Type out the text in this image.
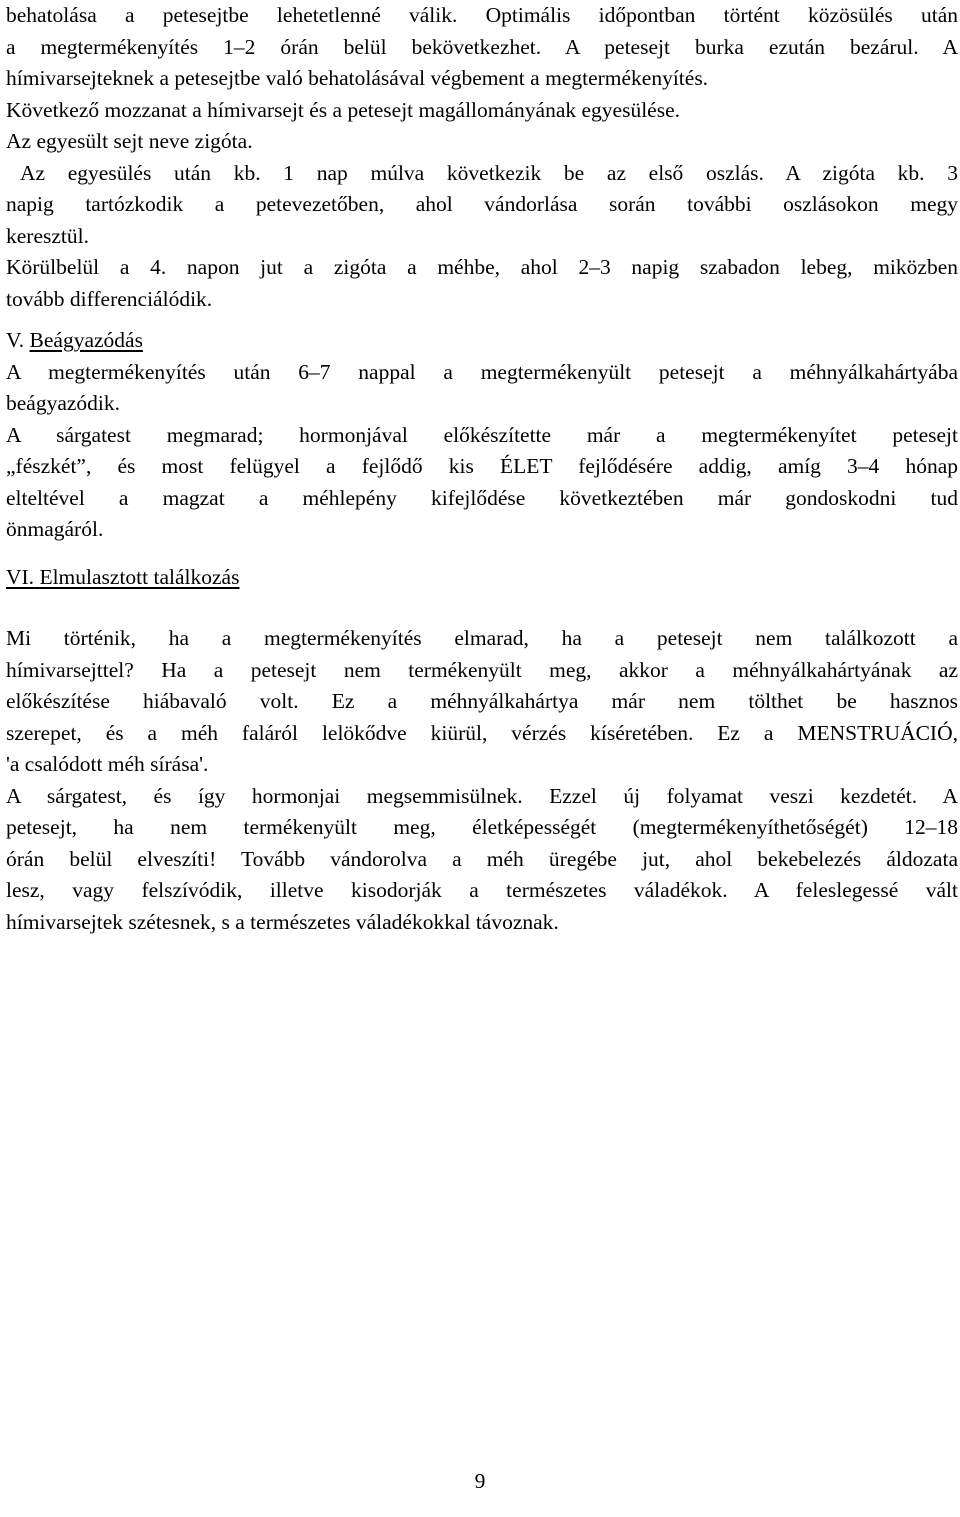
behatolása a petesejtbe lehetetlenné válik. Optimális időpontban történt közösülés után

a megtermékenyítés 1–2 órán belül bekövetkezhet. A petesejt burka ezután bezárul. A

hímivarsejteknek a petesejtbe való behatolásával végbement a megtermékenyítés.

Következő mozzanat a hímivarsejt és a petesejt magállományának egyesülése.

Az egyesült sejt neve zigóta.

Az egyesülés után kb. 1 nap múlva következik be az első oszlás. A zigóta kb. 3

napig tartózkodik a petevezetőben, ahol vándorlása során további oszlásokon megy

keresztül.

Körülbelül a 4. napon jut a zigóta a méhbe, ahol 2–3 napig szabadon lebeg, miközben

tovább differenciálódik.

V. Beágyazódás

A megtermékenyítés után 6–7 nappal a megtermékenyült petesejt a méhnyálkahártyába

beágyazódik.

A sárgatest megmarad; hormonjával előkészítette már a megtermékenyítet petesejt

„fészkét”, és most felügyel a fejlődő kis ÉLET fejlődésére addig, amíg 3–4 hónap

elteltével a magzat a méhlepény kifejlődése következtében már gondoskodni tud

önmagáról.

VI. Elmulasztott találkozás

Mi történik, ha a megtermékenyítés elmarad, ha a petesejt nem találkozott a

hímivarsejttel? Ha a petesejt nem termékenyült meg, akkor a méhnyálkahártyának az

előkészítése hiábavaló volt. Ez a méhnyálkahártya már nem tölthet be hasznos

szerepet, és a méh faláról lelökődve kiürül, vérzés kíséretében. Ez a MENSTRUÁCIÓ,

'a csalódott méh sírása'.

A sárgatest, és így hormonjai megsemmisülnek. Ezzel új folyamat veszi kezdetét. A

petesejt, ha nem termékenyült meg, életképességét (megtermékenyíthetőségét) 12–18

órán belül elveszíti! Tovább vándorolva a méh üregébe jut, ahol bekebelezés áldozata

lesz, vagy felszívódik, illetve kisodorják a természetes váladékok. A feleslegessé vált

hímivarsejtek szétesnek, s a természetes váladékokkal távoznak.

9
